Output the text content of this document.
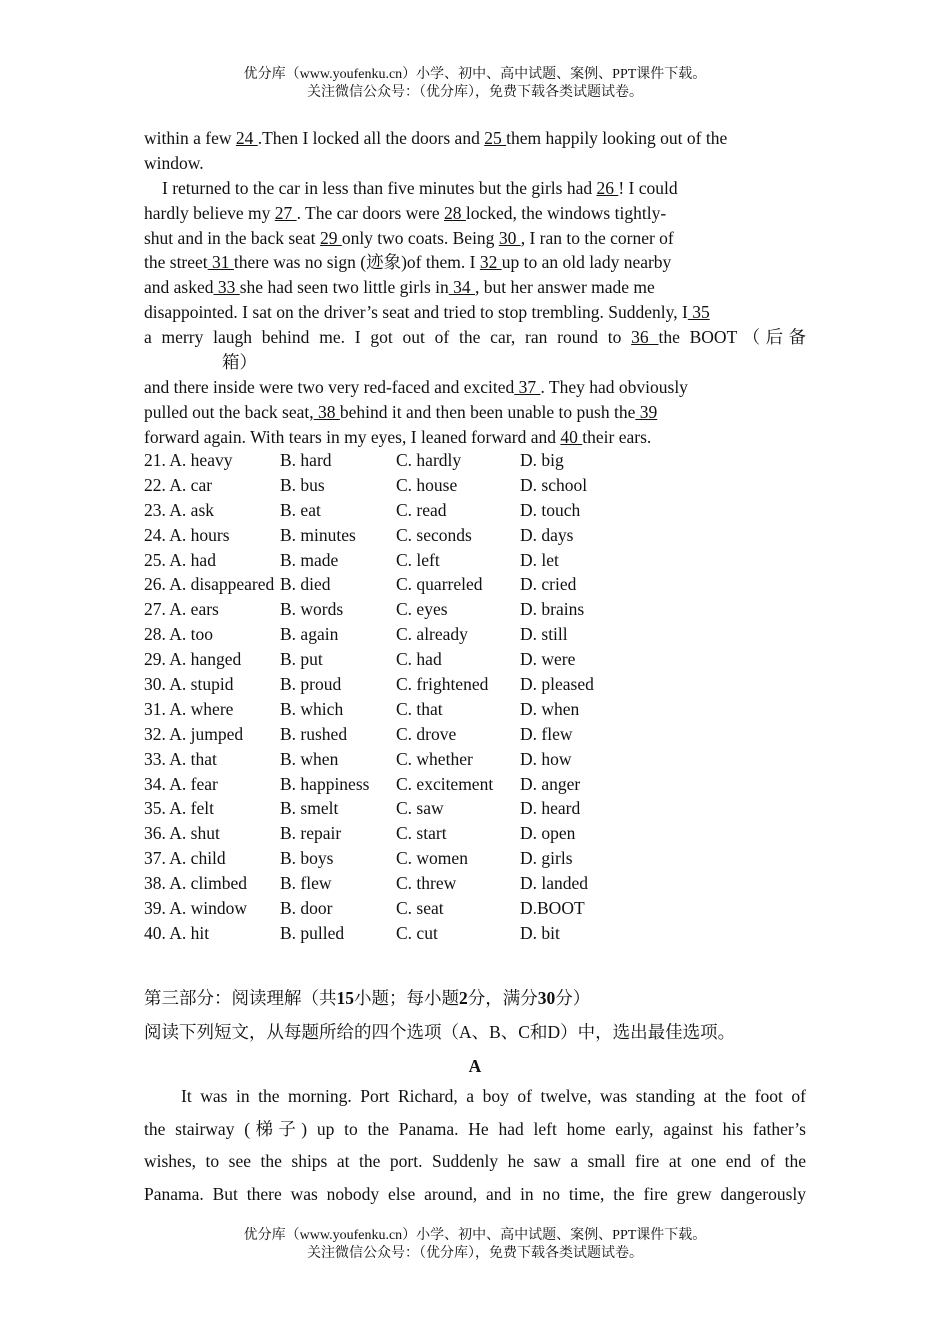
优分库（www.youfenku.cn）小学、初中、高中试题、案例、PPT课件下载。
关注微信公众号：（优分库），免费下载各类试题试卷。
within a few 24 .Then I locked all the doors and 25 them happily looking out of the
window.
I returned to the car in less than five minutes but the girls had 26 ! I could
hardly believe my 27 . The car doors were 28 locked, the windows tightly-
shut and in the back seat 29 only two coats. Being 30 , I ran to the corner of
the street 31 there was no sign (迹象)of them. I 32 up to an old lady nearby
and asked 33 she had seen two little girls in 34 , but her answer made me
disappointed. I sat on the driver’s seat and tried to stop trembling. Suddenly, I 35
a merry laugh behind me. I got out of the car, ran round to 36 the BOOT（后备
箱）
and there inside were two very red-faced and excited 37 . They had obviously
pulled out the back seat, 38 behind it and then been unable to push the 39
forward again. With tears in my eyes, I leaned forward and 40 their ears.
21. A. heavy	B. hard	C. hardly	D. big
22. A. car	B. bus	C. house	D. school
23. A. ask	B. eat	C. read	D. touch
24. A. hours	B. minutes C. seconds	D. days
25. A. had	B. made	C. left	D. let
26. A. disappeared B. died	C. quarreled D. cried
27. A. ears	B. words	C. eyes	D. brains
28. A. too	B. again	C. already	D. still
29. A. hanged B. put	C. had	D. were
30. A. stupid	B. proud	C. frightened D. pleased
31. A. where	B. which	C. that	D. when
32. A. jumped B. rushed	C. drove	D. flew
33. A. that	B. when	C. whether	D. how
34. A. fear	B. happiness C. excitement D. anger
35. A. felt	B. smelt	C. saw	D. heard
36. A. shut	B. repair	C. start	D. open
37. A. child	B. boys	C. women	D. girls
38. A. climbed B. flew	C. threw	D. landed
39. A. window B. door	C. seat	D.BOOT
40. A. hit	B. pulled	C. cut	D. bit
第三部分：阅读理解（共15小题；每小题2分，满分30分）
阅读下列短文，从每题所给的四个选项（A、B、C和D）中，选出最佳选项。
A
It was in the morning. Port Richard, a boy of twelve, was standing at the foot of
the stairway (梯子) up to the Panama. He had left home early, against his father’s
wishes, to see the ships at the port. Suddenly he saw a small fire at one end of the
Panama. But there was nobody else around, and in no time, the fire grew dangerously
优分库（www.youfenku.cn）小学、初中、高中试题、案例、PPT课件下载。
关注微信公众号：（优分库），免费下载各类试题试卷。
